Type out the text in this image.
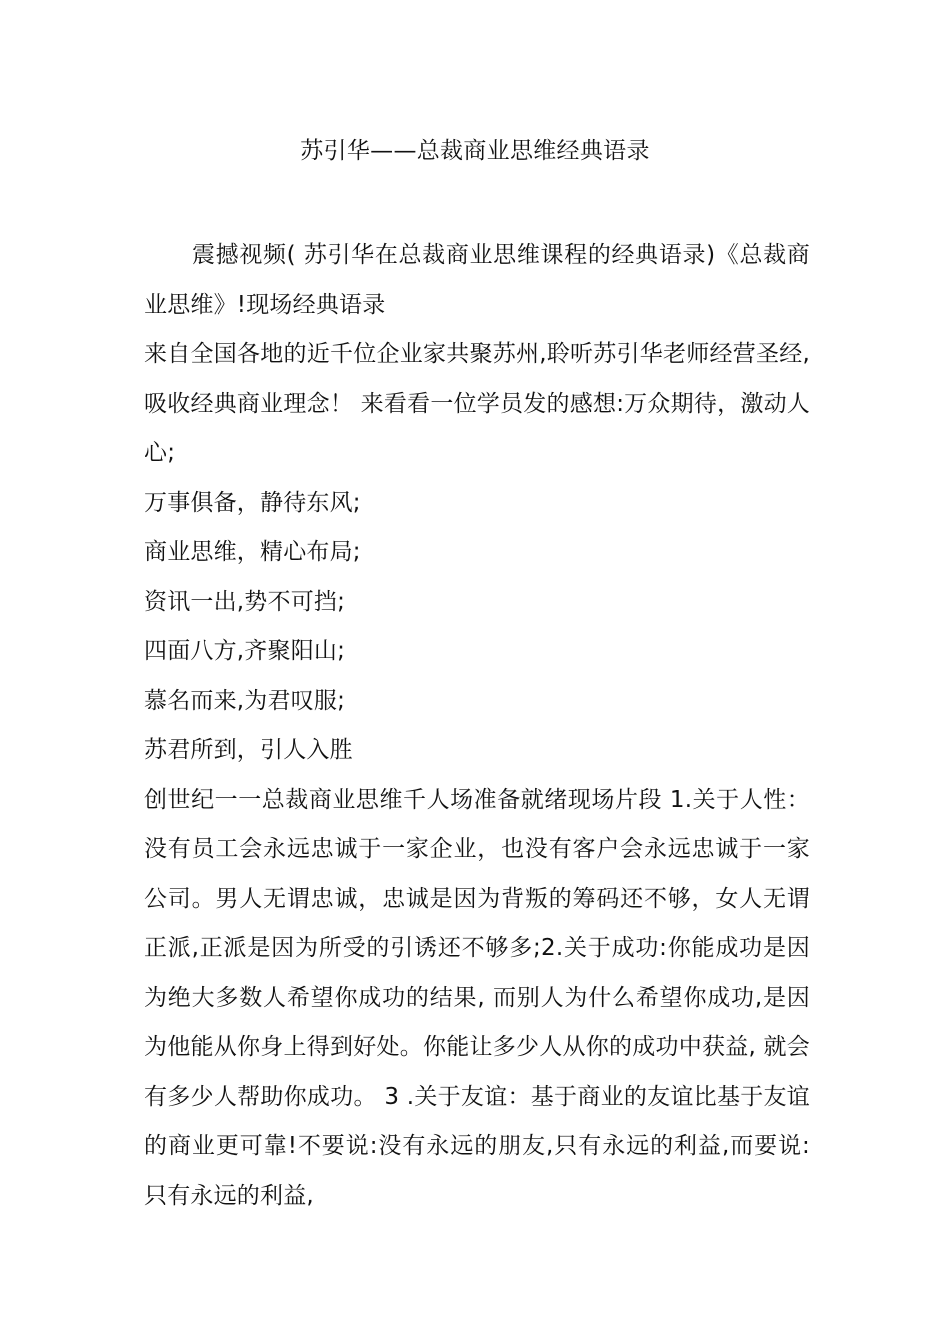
苏引华——总裁商业思维经典语录

震撼视频( 苏引华在总裁商业思维课程的经典语录)《总裁商业思维》!现场经典语录

来自全国各地的近千位企业家共聚苏州,聆听苏引华老师经营圣经, 吸收经典商业理念！ 来看看一位学员发的感想:万众期待，激动人心;

万事俱备，静待东风;

商业思维，精心布局;

资讯一出,势不可挡;

四面八方,齐聚阳山;

慕名而来,为君叹服;

苏君所到，引人入胜

创世纪一一总裁商业思维千人场准备就绪现场片段 1.关于人性：没有员工会永远忠诚于一家企业，也没有客户会永远忠诚于一家公司。男人无谓忠诚，忠诚是因为背叛的筹码还不够，女人无谓正派,正派是因为所受的引诱还不够多;2.关于成功:你能成功是因为绝大多数人希望你成功的结果, 而别人为什么希望你成功,是因为他能从你身上得到好处。你能让多少人从你的成功中获益, 就会有多少人帮助你成功。 3 .关于友谊：基于商业的友谊比基于友谊的商业更可靠!不要说:没有永远的朋友,只有永远的利益,而要说: 只有永远的利益,
